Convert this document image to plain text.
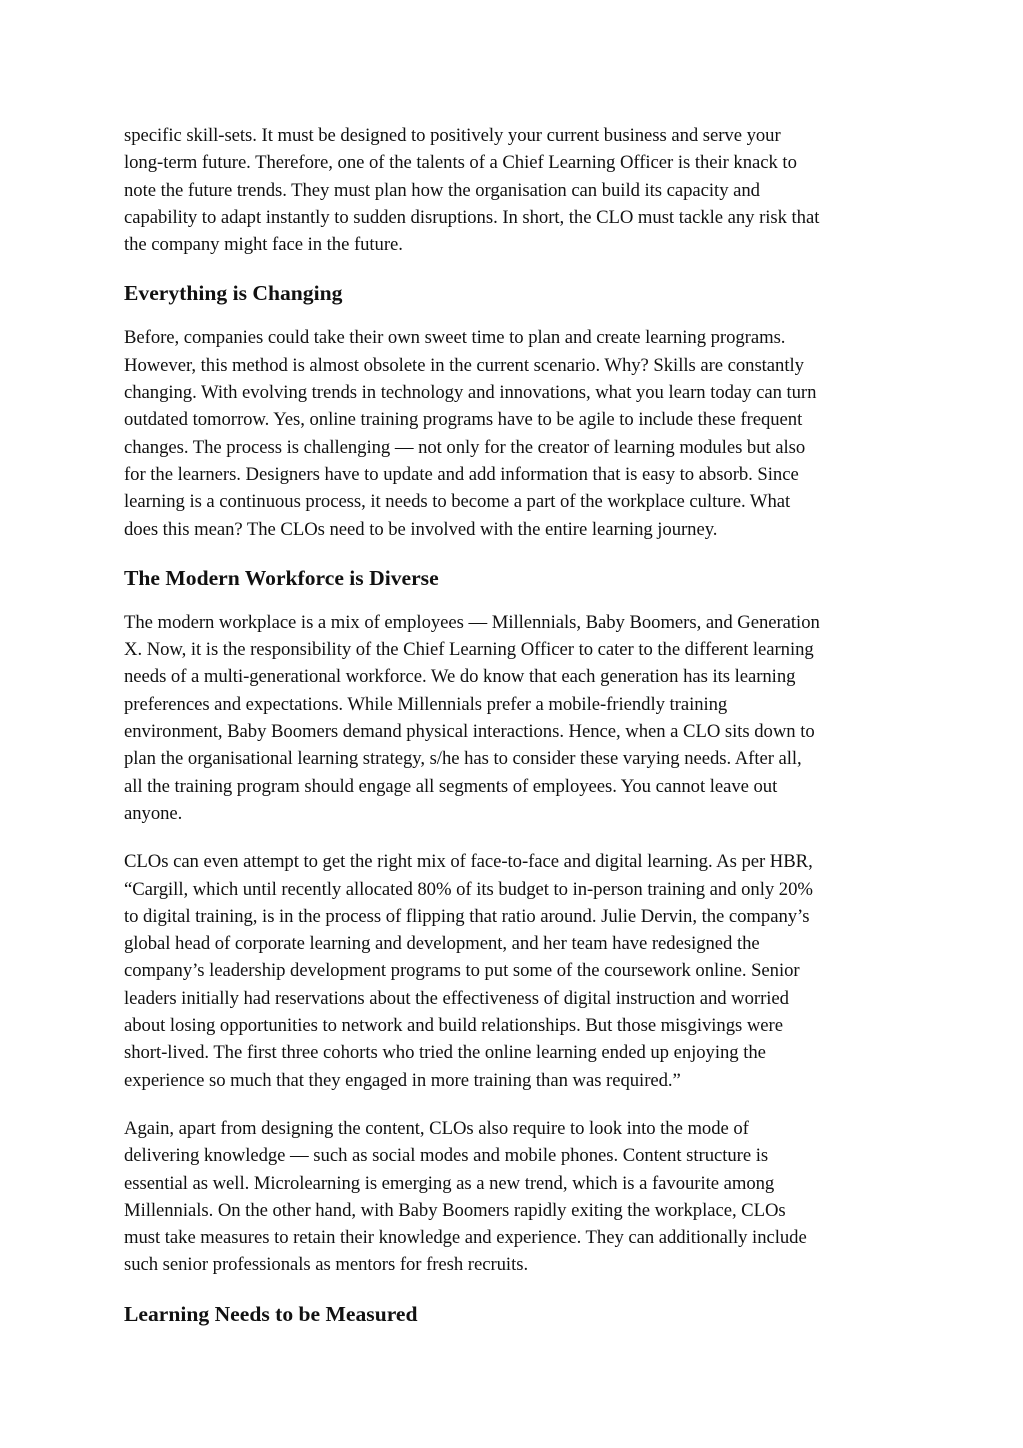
specific skill-sets. It must be designed to positively your current business and serve your
long-term future. Therefore, one of the talents of a Chief Learning Officer is their knack to
note the future trends. They must plan how the organisation can build its capacity and
capability to adapt instantly to sudden disruptions. In short, the CLO must tackle any risk that
the company might face in the future.
Everything is Changing
Before, companies could take their own sweet time to plan and create learning programs.
However, this method is almost obsolete in the current scenario. Why? Skills are constantly
changing. With evolving trends in technology and innovations, what you learn today can turn
outdated tomorrow. Yes, online training programs have to be agile to include these frequent
changes. The process is challenging — not only for the creator of learning modules but also
for the learners. Designers have to update and add information that is easy to absorb. Since
learning is a continuous process, it needs to become a part of the workplace culture. What
does this mean? The CLOs need to be involved with the entire learning journey.
The Modern Workforce is Diverse
The modern workplace is a mix of employees — Millennials, Baby Boomers, and Generation
X. Now, it is the responsibility of the Chief Learning Officer to cater to the different learning
needs of a multi-generational workforce. We do know that each generation has its learning
preferences and expectations. While Millennials prefer a mobile-friendly training
environment, Baby Boomers demand physical interactions. Hence, when a CLO sits down to
plan the organisational learning strategy, s/he has to consider these varying needs. After all,
all the training program should engage all segments of employees. You cannot leave out
anyone.
CLOs can even attempt to get the right mix of face-to-face and digital learning. As per HBR,
“Cargill, which until recently allocated 80% of its budget to in-person training and only 20%
to digital training, is in the process of flipping that ratio around. Julie Dervin, the company’s
global head of corporate learning and development, and her team have redesigned the
company’s leadership development programs to put some of the coursework online. Senior
leaders initially had reservations about the effectiveness of digital instruction and worried
about losing opportunities to network and build relationships. But those misgivings were
short-lived. The first three cohorts who tried the online learning ended up enjoying the
experience so much that they engaged in more training than was required.”
Again, apart from designing the content, CLOs also require to look into the mode of
delivering knowledge — such as social modes and mobile phones. Content structure is
essential as well. Microlearning is emerging as a new trend, which is a favourite among
Millennials. On the other hand, with Baby Boomers rapidly exiting the workplace, CLOs
must take measures to retain their knowledge and experience. They can additionally include
such senior professionals as mentors for fresh recruits.
Learning Needs to be Measured
